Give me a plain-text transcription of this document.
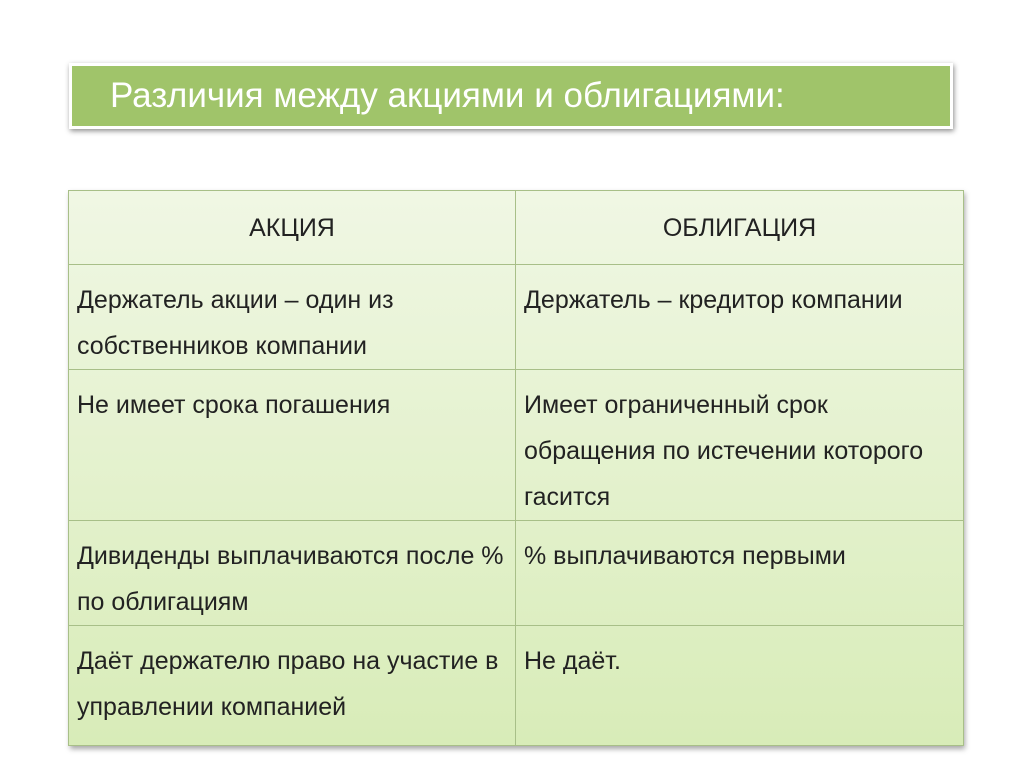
Различия между акциями и облигациями:
АКЦИЯ	ОБЛИГАЦИЯ
Держатель акции – один из собственников компании	Держатель – кредитор компании
Не имеет срока погашения	Имеет ограниченный срок обращения по истечении которого гасится
Дивиденды выплачиваются после % по облигациям	% выплачиваются первыми
Даёт держателю право на участие в управлении компанией	Не даёт.
